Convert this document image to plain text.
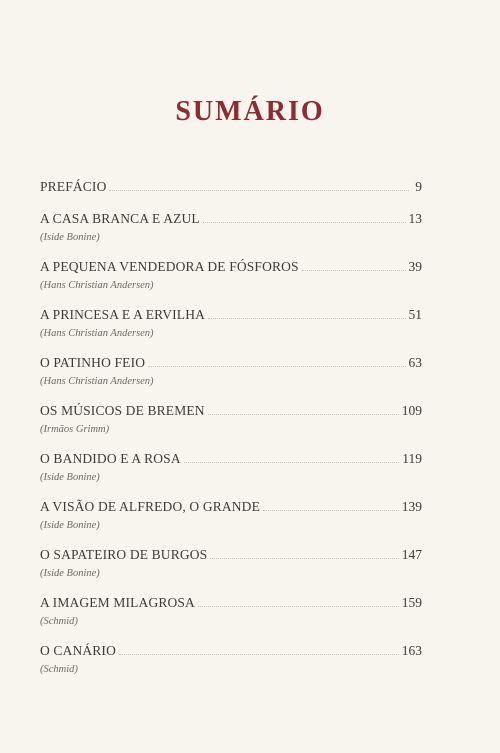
SUMÁRIO
PREFÁCIO	9
A CASA BRANCA E AZUL	13
(Iside Bonine)
A PEQUENA VENDEDORA DE FÓSFOROS	39
(Hans Christian Andersen)
A PRINCESA E A ERVILHA	51
(Hans Christian Andersen)
O PATINHO FEIO	63
(Hans Christian Andersen)
OS MÚSICOS DE BREMEN	109
(Irmãos Grimm)
O BANDIDO E A ROSA	119
(Iside Bonine)
A VISÃO DE ALFREDO, O GRANDE	139
(Iside Bonine)
O SAPATEIRO DE BURGOS	147
(Iside Bonine)
A IMAGEM MILAGROSA	159
(Schmid)
O CANÁRIO	163
(Schmid)
